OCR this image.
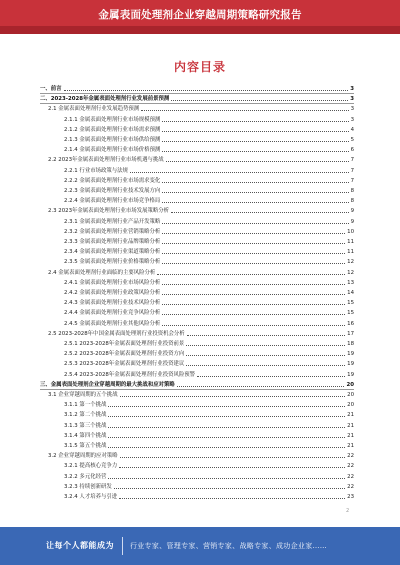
金属表面处理剂企业穿越周期策略研究报告
内容目录
一、前言	3
二、2023-2028年金属表面处理剂行业发展前景预测	3
2.1 金属表面处理剂行业发展趋势预测	3
2.1.1 金属表面处理剂行业市场规模预测	3
2.1.2 金属表面处理剂行业市场需求预测	4
2.1.3 金属表面处理剂行业市场供给预测	5
2.1.4 金属表面处理剂行业市场价格预测	6
2.2 2023年金属表面处理剂行业市场机遇与挑战	7
2.2.1 行业市场政策与法规	7
2.2.2 金属表面处理剂行业市场需求变化	7
2.2.3 金属表面处理剂行业技术发展方向	8
2.2.4 金属表面处理剂行业市场竞争格局	8
2.3 2023年金属表面处理剂行业市场发展策略分析	9
2.3.1 金属表面处理剂行业产品开发策略	9
2.3.2 金属表面处理剂行业营销策略分析	10
2.3.3 金属表面处理剂行业品牌策略分析	11
2.3.4 金属表面处理剂行业渠道策略分析	11
2.3.5 金属表面处理剂行业价格策略分析	12
2.4 金属表面处理剂行业面临的主要风险分析	12
2.4.1 金属表面处理剂行业市场风险分析	13
2.4.2 金属表面处理剂行业政策风险分析	14
2.4.3 金属表面处理剂行业技术风险分析	15
2.4.4 金属表面处理剂行业竞争风险分析	15
2.4.5 金属表面处理剂行业其他风险分析	16
2.5 2023-2028年中国金属表面处理剂行业投资机会分析	17
2.5.1 2023-2028年金属表面处理剂行业投资前景	18
2.5.2 2023-2028年金属表面处理剂行业投资方向	19
2.5.3 2023-2028年金属表面处理剂行业投资建议	19
2.5.4 2023-2028年金属表面处理剂行业投资风险预警	19
三、金属表面处理剂企业穿越周期的最大挑战和应对策略	20
3.1 企业穿越周期的五个挑战	20
3.1.1 第一个挑战	20
3.1.2 第二个挑战	21
3.1.3 第三个挑战	21
3.1.4 第四个挑战	21
3.1.5 第五个挑战	21
3.2 企业穿越周期的应对策略	22
3.2.1 提高核心竞争力	22
3.2.2 多元化经营	22
3.2.3 持续创新研发	22
3.2.4 人才培养与引进	23
2
让每个人都能成为 行业专家、管理专家、营销专家、战略专家、成功企业家……
